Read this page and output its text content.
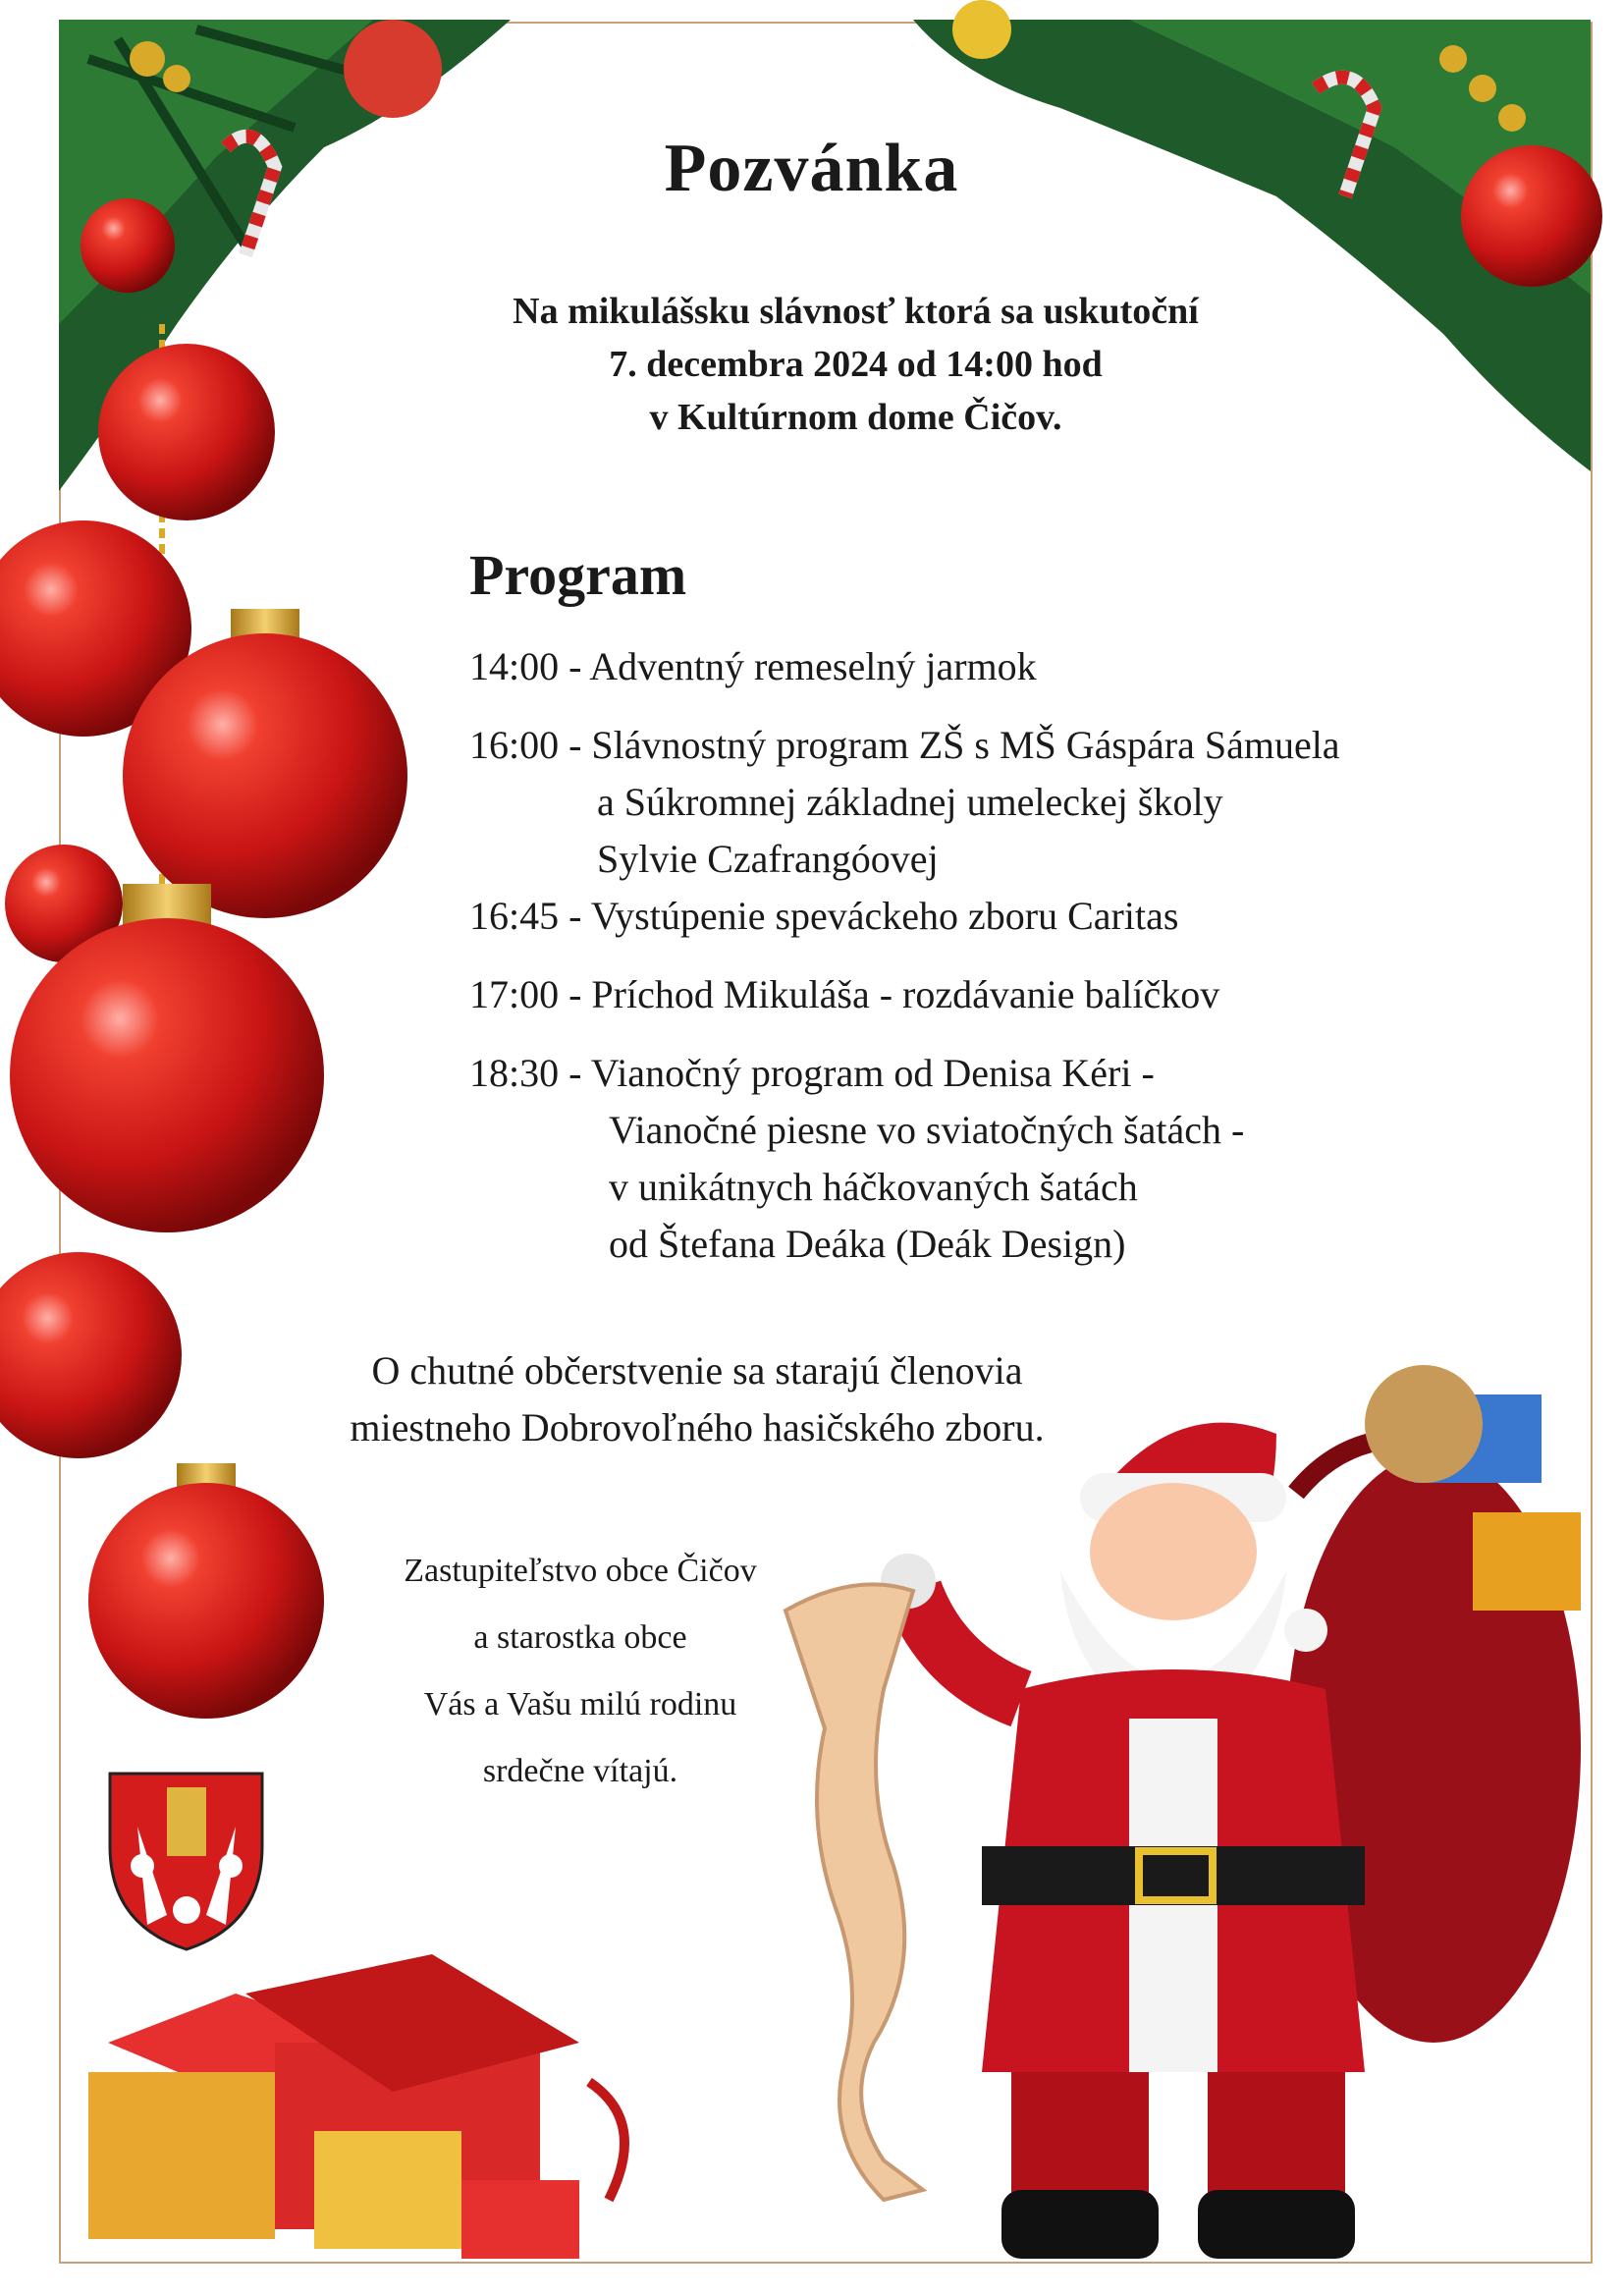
Pozvánka
Na mikulášsku slávnosť ktorá sa uskutoční
7. decembra 2024 od 14:00 hod
v Kultúrnom dome Čičov.
Program
14:00 - Adventný remeselný jarmok
16:00 - Slávnostný program ZŠ s MŠ Gáspára Sámuela
a Súkromnej základnej umeleckej školy
Sylvie Czafrangóovej
16:45 - Vystúpenie speváckeho zboru Caritas
17:00 - Príchod Mikuláša - rozdávanie balíčkov
18:30 - Vianočný program od Denisa Kéri -
Vianočné piesne vo sviatočných šatách -
v unikátnych háčkovaných šatách
od Štefana Deáka (Deák Design)
O chutné občerstvenie sa starajú členovia
miestneho Dobrovoľného hasičského zboru.
Zastupiteľstvo obce Čičov
a starostka obce
Vás a Vašu milú rodinu
srdečne vítajú.
